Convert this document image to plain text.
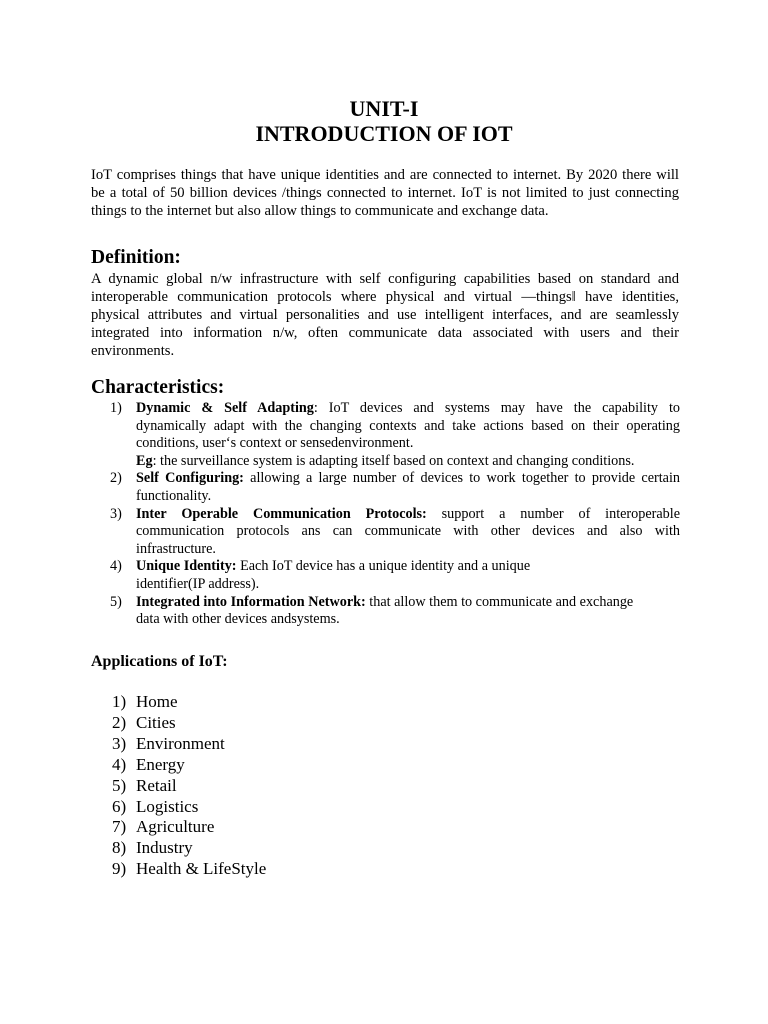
UNIT-I
INTRODUCTION OF IOT
IoT comprises things that have unique identities and are connected to internet. By 2020 there will
be a total of 50 billion devices /things connected to internet. IoT is not limited to just connecting
things to the internet but also allow things to communicate and exchange data.
Definition:
A dynamic global n/w infrastructure with self configuring capabilities based on standard and
interoperable communication protocols where physical and virtual ―thingsǁ have identities,
physical attributes and virtual personalities and use intelligent interfaces, and are seamlessly
integrated into information n/w, often communicate data associated with users and their
environments.
Characteristics:
1) Dynamic & Self Adapting: IoT devices and systems may have the capability to
dynamically adapt with the changing contexts and take actions based on their operating
conditions, user‘s context or sensedenvironment.
Eg: the surveillance system is adapting itself based on context and changing conditions.
2) Self Configuring: allowing a large number of devices to work together to provide certain
functionality.
3) Inter Operable Communication Protocols: support a number of interoperable
communication protocols ans can communicate with other devices and also with
infrastructure.
4) Unique Identity: Each IoT device has a unique identity and a unique
identifier(IP address).
5) Integrated into Information Network: that allow them to communicate and exchange
data with other devices andsystems.
Applications of IoT:
1) Home
2) Cities
3) Environment
4) Energy
5) Retail
6) Logistics
7) Agriculture
8) Industry
9) Health & LifeStyle
